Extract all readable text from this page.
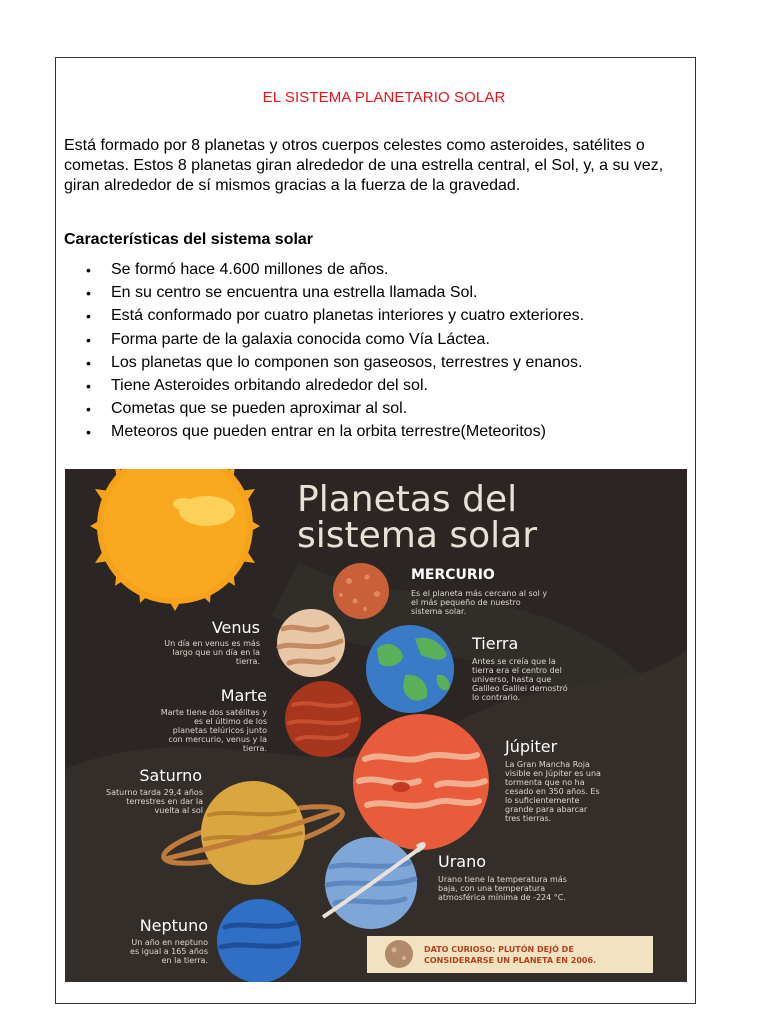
EL SISTEMA PLANETARIO SOLAR
Está formado por 8 planetas y otros cuerpos celestes como asteroides, satélites o cometas. Estos 8 planetas giran alrededor de una estrella central, el Sol, y, a su vez, giran alrededor de sí mismos gracias a la fuerza de la gravedad.
Características del sistema solar
• Se formó hace 4.600 millones de años.
• En su centro se encuentra una estrella llamada Sol.
• Está conformado por cuatro planetas interiores y cuatro exteriores.
• Forma parte de la galaxia conocida como Vía Láctea.
• Los planetas que lo componen son gaseosos, terrestres y enanos.
• Tiene Asteroides orbitando alrededor del sol.
• Cometas que se pueden aproximar al sol.
• Meteoros que pueden entrar en la orbita terrestre(Meteoritos)
Planetas del
sistema solar
MERCURIO
Es el planeta más cercano al sol y
el más pequeño de nuestro
sistema solar.
Venus
Un día en venus es más
largo que un día en la
tierra.
Tierra
Antes se creía que la
tierra era el centro del
universo, hasta que
Galileo Galilei demostró
lo contrario.
Marte
Marte tiene dos satélites y
es el último de los
planetas telúricos junto
con mercurio, venus y la
tierra.	Júpiter
La Gran Mancha Roja
visible en Júpiter es una
tormenta que no ha
cesado en 350 años. Es
lo suficientemente
grande para abarcar
tres tierras.
Saturno
Saturno tarda 29,4 años
terrestres en dar la
vuelta al sol
Urano
Urano tiene la temperatura más
baja, con una temperatura
atmosférica mínima de -224 °C.
Neptuno
Un año en neptuno
es igual a 165 años
en la tierra.
DATO CURIOSO: PLUTÓN DEJÓ DE
CONSIDERARSE UN PLANETA EN 2006.
